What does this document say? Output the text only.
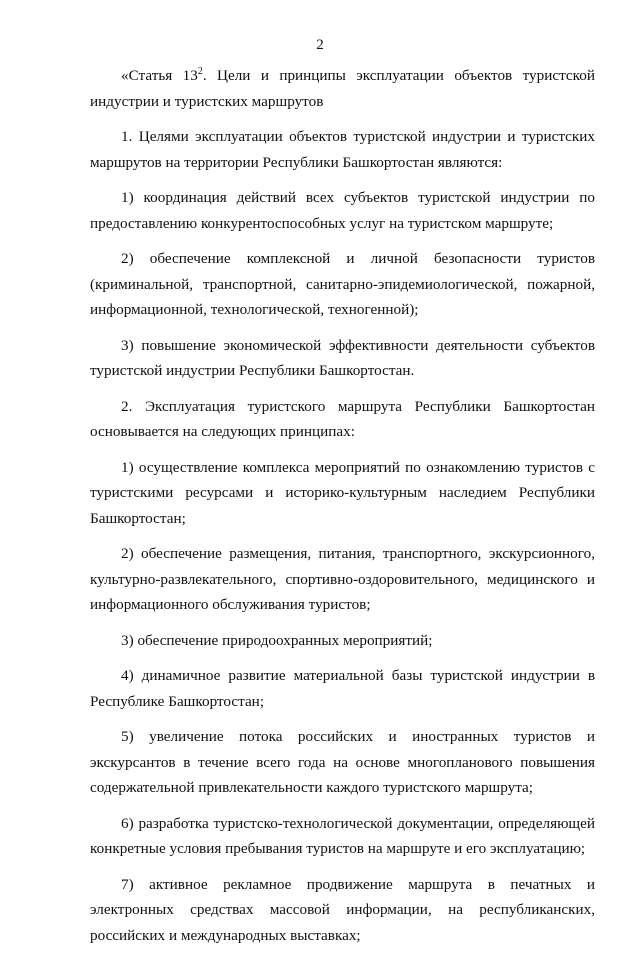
2

«Статья $13^2$. Цели и принципы эксплуатации объектов туристской индустрии и туристских маршрутов

1. Целями эксплуатации объектов туристской индустрии и туристских маршрутов на территории Республики Башкортостан являются:

1) координация действий всех субъектов туристской индустрии по предоставлению конкурентоспособных услуг на туристском маршруте;

2) обеспечение комплексной и личной безопасности туристов (криминальной, транспортной, санитарно-эпидемиологической, пожарной, информационной, технологической, техногенной);

3) повышение экономической эффективности деятельности субъектов туристской индустрии Республики Башкортостан.

2. Эксплуатация туристского маршрута Республики Башкортостан основывается на следующих принципах:

1) осуществление комплекса мероприятий по ознакомлению туристов с туристскими ресурсами и историко-культурным наследием Республики Башкортостан;

2) обеспечение размещения, питания, транспортного, экскурсионного, культурно-развлекательного, спортивно-оздоровительного, медицинского и информационного обслуживания туристов;

3) обеспечение природоохранных мероприятий;

4) динамичное развитие материальной базы туристской индустрии в Республике Башкортостан;

5) увеличение потока российских и иностранных туристов и экскурсантов в течение всего года на основе многопланового повышения содержательной привлекательности каждого туристского маршрута;

6) разработка туристско-технологической документации, определяющей конкретные условия пребывания туристов на маршруте и его эксплуатацию;

7) активное рекламное продвижение маршрута в печатных и электронных средствах массовой информации, на республиканских, российских и международных выставках;
